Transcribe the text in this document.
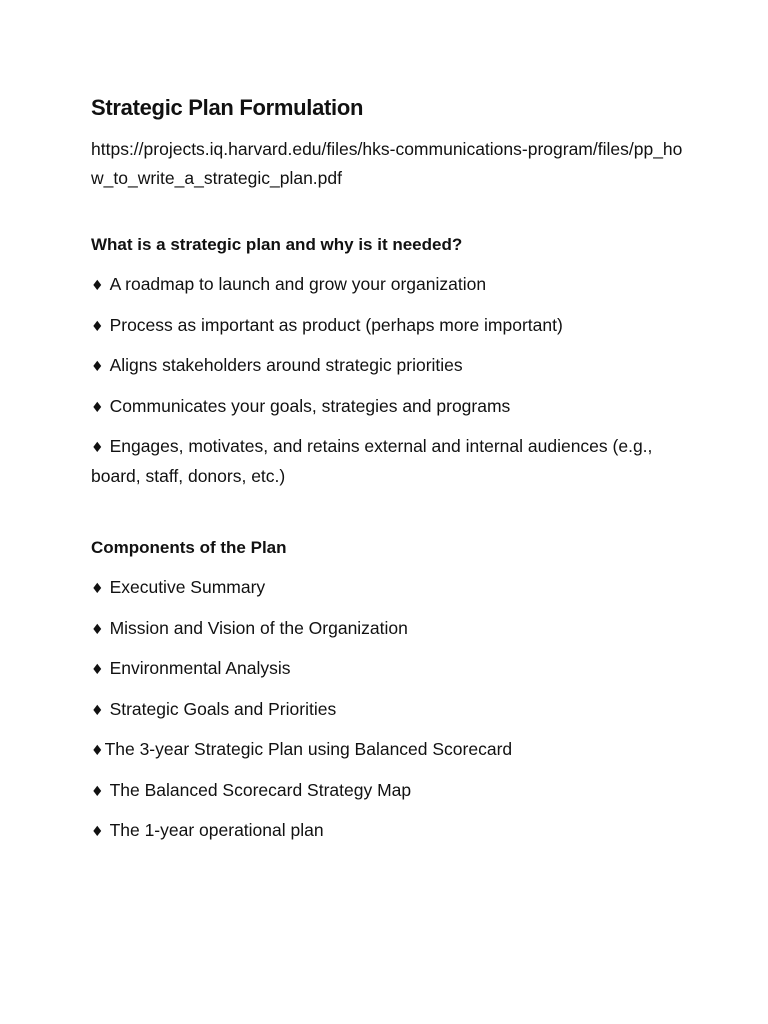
Strategic Plan Formulation
https://projects.iq.harvard.edu/files/hks-communications-program/files/pp_how_to_write_a_strategic_plan.pdf
What is a strategic plan and why is it needed?
♦ A roadmap to launch and grow your organization
♦ Process as important as product (perhaps more important)
♦ Aligns stakeholders around strategic priorities
♦ Communicates your goals, strategies and programs
♦ Engages, motivates, and retains external and internal audiences (e.g., board, staff, donors, etc.)
Components of the Plan
♦ Executive Summary
♦ Mission and Vision of the Organization
♦ Environmental Analysis
♦ Strategic Goals and Priorities
♦The 3-year Strategic Plan using Balanced Scorecard
♦ The Balanced Scorecard Strategy Map
♦ The 1-year operational plan
